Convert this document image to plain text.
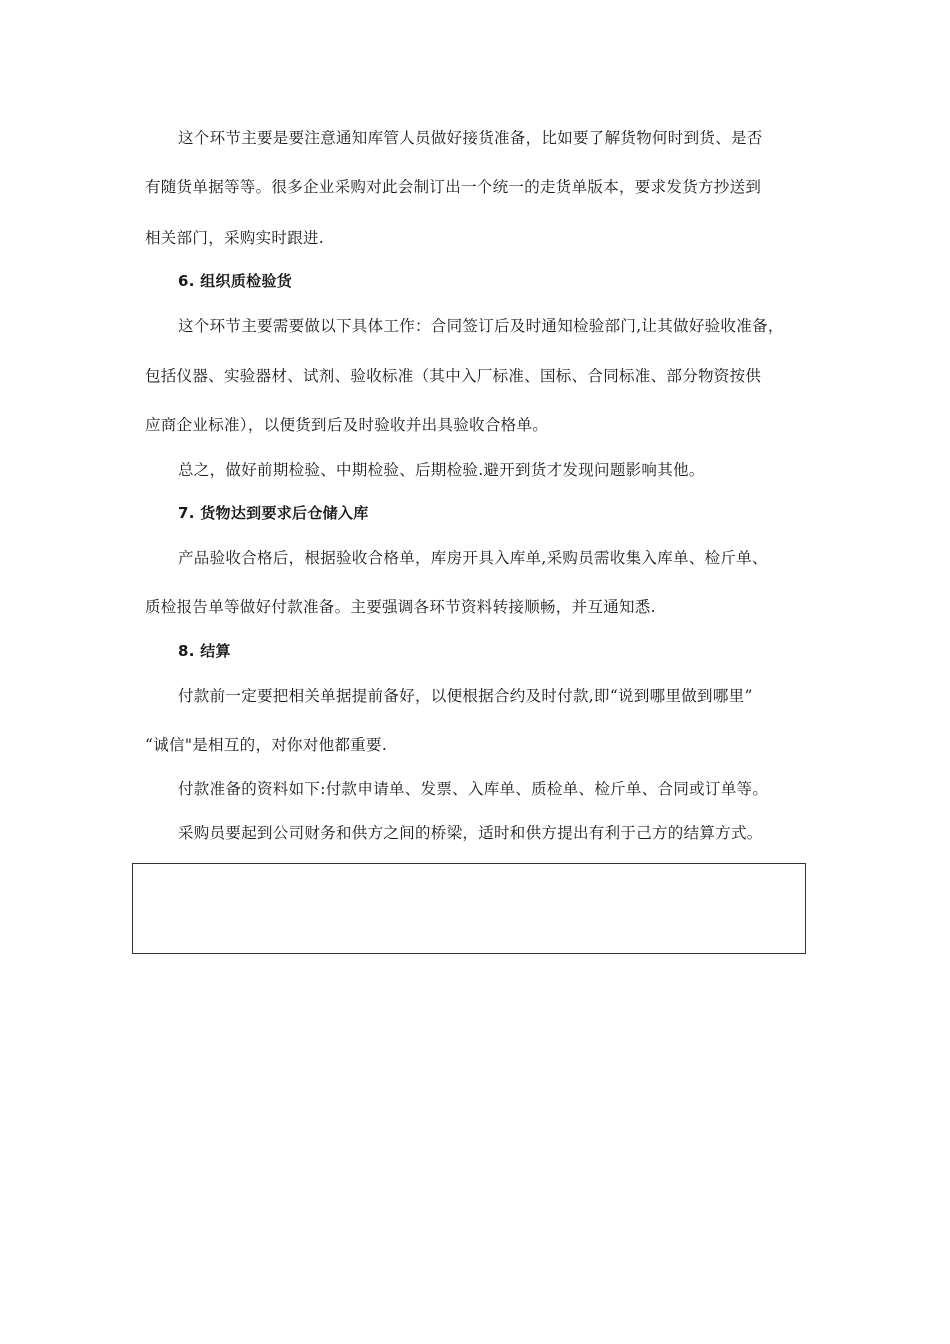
这个环节主要是要注意通知库管人员做好接货准备，比如要了解货物何时到货、是否
有随货单据等等。很多企业采购对此会制订出一个统一的走货单版本，要求发货方抄送到
相关部门，采购实时跟进.
6. 组织质检验货
这个环节主要需要做以下具体工作：合同签订后及时通知检验部门,让其做好验收准备，
包括仪器、实验器材、试剂、验收标准（其中入厂标准、国标、合同标准、部分物资按供
应商企业标准），以便货到后及时验收并出具验收合格单。
总之，做好前期检验、中期检验、后期检验.避开到货才发现问题影响其他。
7. 货物达到要求后仓储入库
产品验收合格后，根据验收合格单，库房开具入库单,采购员需收集入库单、检斤单、
质检报告单等做好付款准备。主要强调各环节资料转接顺畅，并互通知悉.
8. 结算
付款前一定要把相关单据提前备好，以便根据合约及时付款,即“说到哪里做到哪里”
“诚信"是相互的，对你对他都重要.
付款准备的资料如下:付款申请单、发票、入库单、质检单、检斤单、合同或订单等。
采购员要起到公司财务和供方之间的桥梁，适时和供方提出有利于己方的结算方式。
